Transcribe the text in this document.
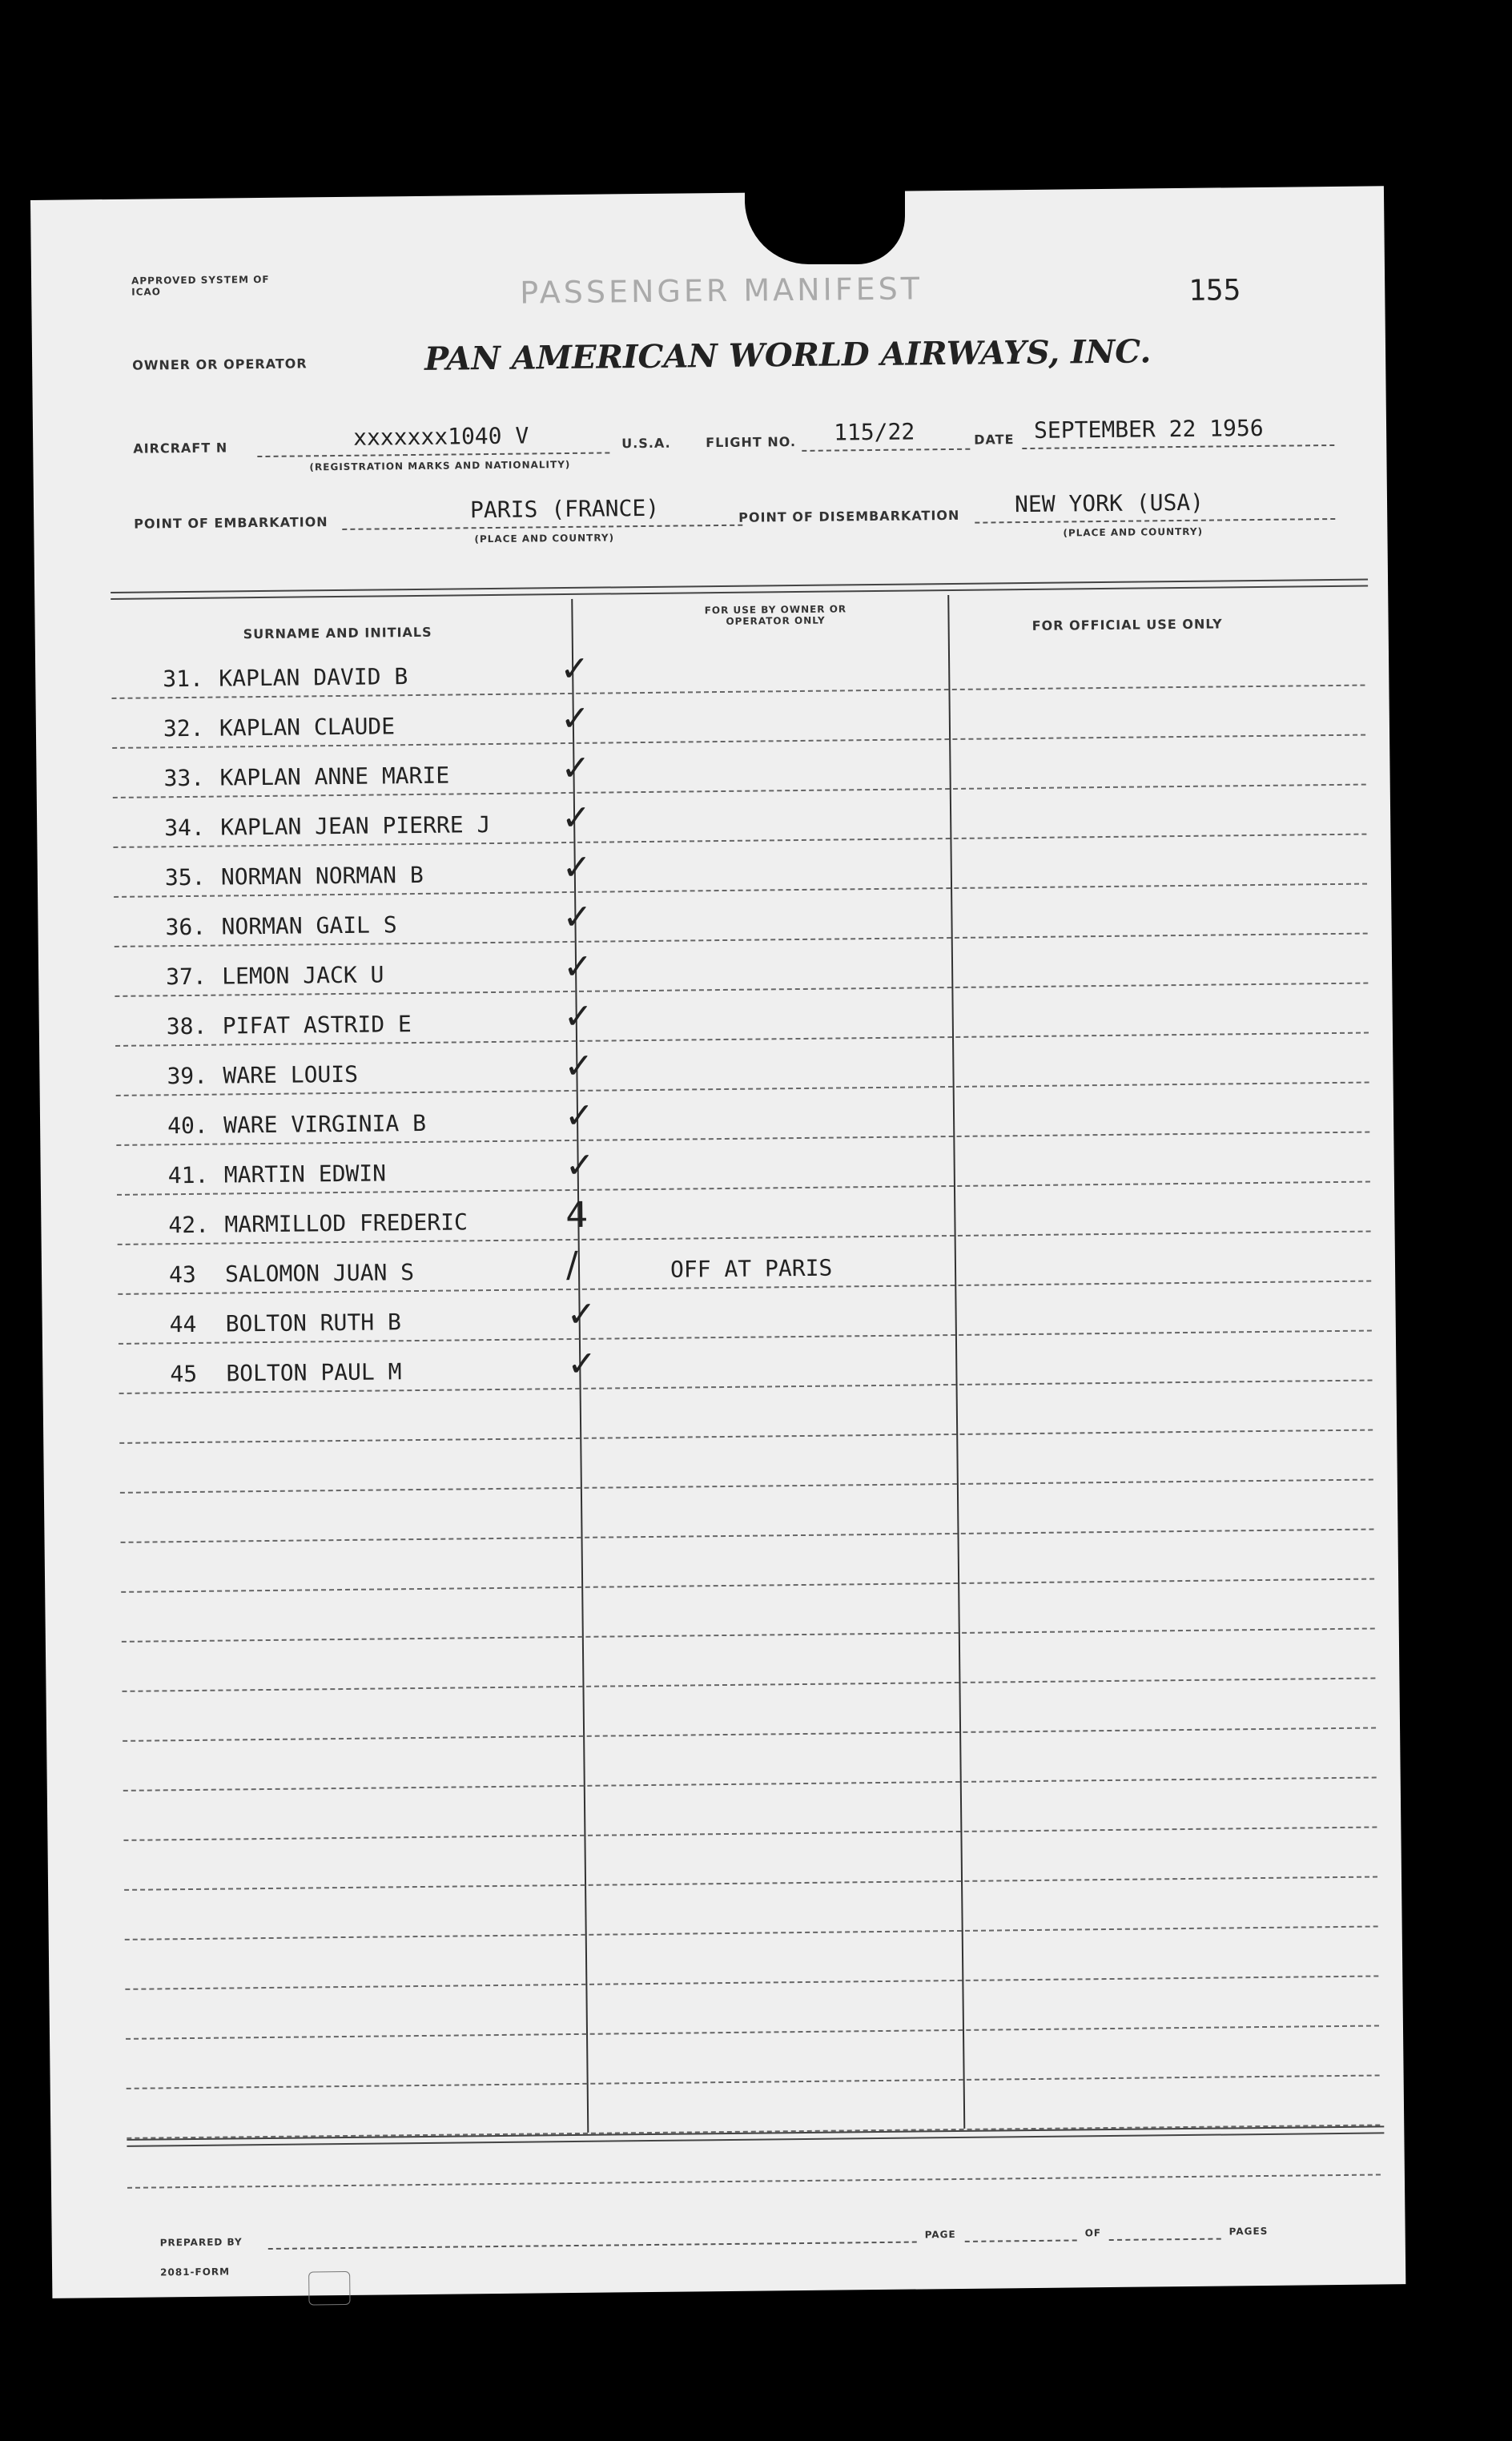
APPROVED SYSTEM OF ICAO	PASSENGER MANIFEST	155
OWNER OR OPERATOR	PAN AMERICAN WORLD AIRWAYS, INC.
AIRCRAFT N	xxxxxxx1040 V
(REGISTRATION MARKS AND NATIONALITY)
U.S.A.	FLIGHT NO. 115/22	DATE SEPTEMBER 22 1956
POINT OF EMBARKATION	PARIS (FRANCE)
(PLACE AND COUNTRY)
POINT OF DISEMBARKATION NEW YORK (USA)
(PLACE AND COUNTRY)
SURNAME AND INITIALS
FOR USE BY OWNER OR OPERATOR ONLY	FOR OFFICIAL USE ONLY
31. KAPLAN DAVID B	✓
32. KAPLAN CLAUDE	✓
33. KAPLAN ANNE MARIE	✓
34. KAPLAN JEAN PIERRE J ✓
35. NORMAN NORMAN B	✓
36. NORMAN GAIL S	✓
37. LEMON JACK U	✓
38. PIFAT ASTRID E	✓
39. WARE LOUIS	✓
40. WARE VIRGINIA B	✓
41. MARTIN EDWIN	✓
42. MARMILLOD FREDERIC	4
43 SALOMON JUAN S	/	OFF AT PARIS
44 BOLTON RUTH B	✓
45 BOLTON PAUL M	✓
PREPARED BY
PAGE	OF	PAGES
2081-FORM
